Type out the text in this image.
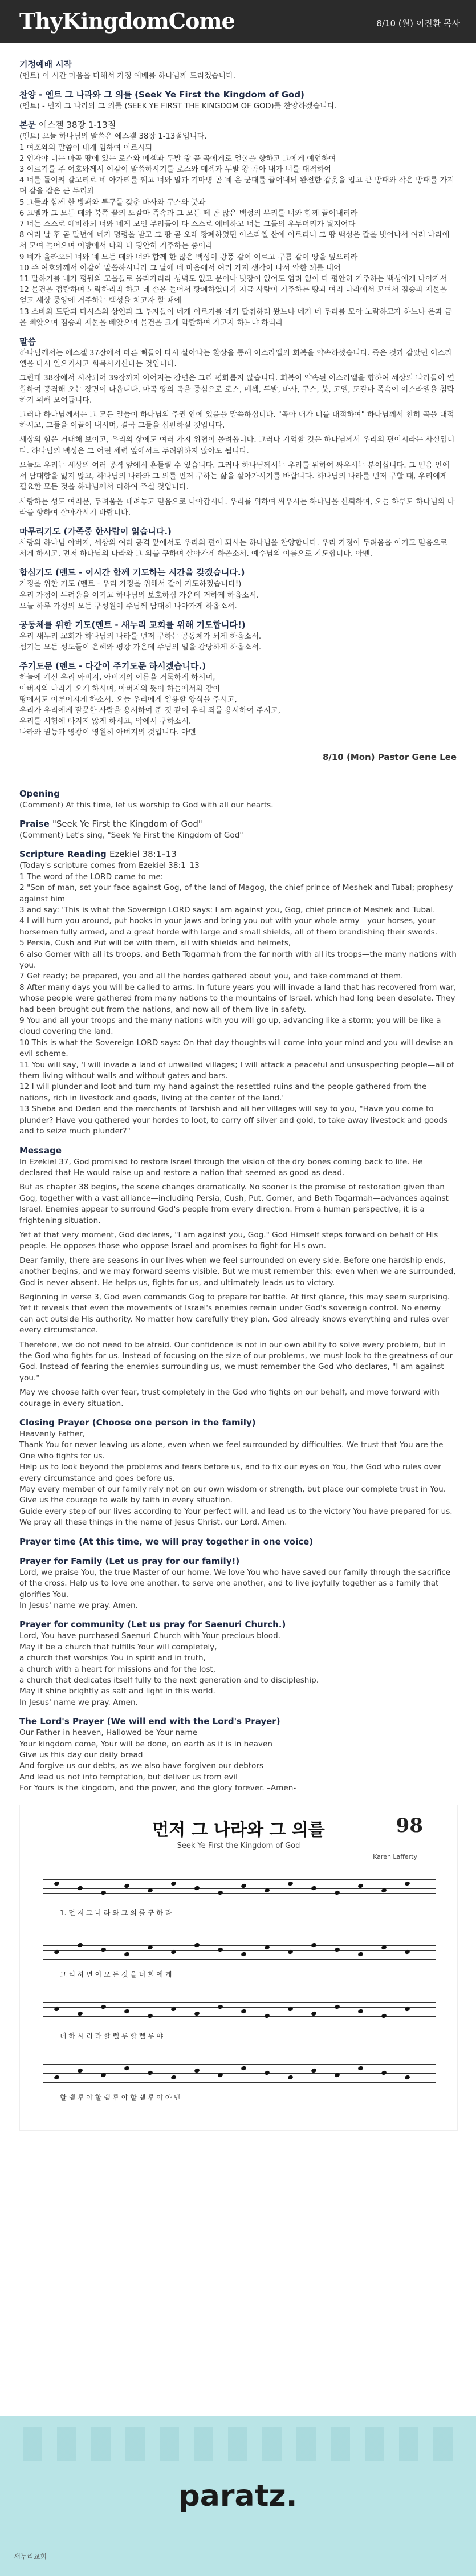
ThyKingdomCome	8/10 (월) 이진환 목사
기정예배 시작
(멘트) 이 시간 마음을 다해서 가정 예배를 하나님께 드리겠습니다.
찬양 - 엔트 그 나라와 그 의를 (Seek Ye First the Kingdom of God)
(멘트) - 먼저 그 나라와 그 의를 (SEEK YE FIRST THE KINGDOM OF GOD)를 찬양하겠습니다.
본문 에스겔 38장 1-13절
(멘트) 오늘 하나님의 말씀은 에스겔 38장 1-13절입니다.
1 여호와의 말씀이 내게 임하여 이르시되
2 인자야 너는 마곡 땅에 있는 로스와 메섹과 두발 왕 곧 곡에게로 얼굴을 향하고 그에게 예언하여
3 이르기를 주 여호와께서 이같이 말씀하시기를 로스와 메섹과 두발 왕 곡아 내가 너를 대적하여
4 너를 돌이켜 갈고리로 네 아가리를 꿰고 너와 말과 기마병 곧 네 온 군대를 끌어내되 완전한 갑옷을 입고 큰 방패와 작은 방패를 가지며 칼을 잡은 큰 무리와
5 그들과 함께 한 방패와 투구를 갖춘 바사와 구스와 붓과
6 고멜과 그 모든 떼와 북쪽 끝의 도갈마 족속과 그 모든 떼 곧 많은 백성의 무리를 너와 함께 끌어내리라
7 너는 스스로 예비하되 너와 네게 모인 무리들이 다 스스로 예비하고 너는 그들의 우두머리가 될지어다
8 여러 날 후 곧 말년에 네가 명령을 받고 그 땅 곧 오래 황폐하였던 이스라엘 산에 이르리니 그 땅 백성은 칼을 벗어나서 여러 나라에서 모여 들어오며 이방에서 나와 다 평안히 거주하는 중이라
9 네가 올라오되 너와 네 모든 떼와 너와 함께 한 많은 백성이 광풍 같이 이르고 구름 같이 땅을 덮으리라
10 주 여호와께서 이같이 말씀하시니라 그 날에 네 마음에서 여러 가지 생각이 나서 악한 꾀를 내어
11 말하기를 내가 평원의 고을들로 올라가리라 성벽도 없고 문이나 빗장이 없어도 염려 없이 다 평안히 거주하는 백성에게 나아가서
12 물건을 겁탈하며 노략하리라 하고 네 손을 들어서 황폐하였다가 지금 사람이 거주하는 땅과 여러 나라에서 모여서 짐승과 재물을 얻고 세상 중앙에 거주하는 백성을 치고자 할 때에
13 스바와 드단과 다시스의 상인과 그 부자들이 네게 이르기를 네가 탈취하러 왔느냐 네가 네 무리를 모아 노략하고자 하느냐 은과 금을 빼앗으며 짐승과 재물을 빼앗으며 물건을 크게 약탈하여 가고자 하느냐 하리라
말씀

하나님께서는 에스겔 37장에서 마른 뼈들이 다시 살아나는 환상을 통해 이스라엘의 회복을 약속하셨습니다. 죽은 것과 같았던 이스라엘을 다시 일으키시고 회복시키신다는 것입니다.

그런데 38장에서 시작되어 39장까지 이어지는 장면은 그리 평화롭지 않습니다. 회복이 약속된 이스라엘을 향하여 세상의 나라들이 연합하여 공격해 오는 장면이 나옵니다. 마곡 땅의 곡을 중심으로 로스, 메섹, 두발, 바사, 구스, 붓, 고멜, 도갈마 족속이 이스라엘을 침략하기 위해 모여듭니다.

그러나 하나님께서는 그 모든 일들이 하나님의 주권 안에 있음을 말씀하십니다. "곡아 내가 너를 대적하여" 하나님께서 친히 곡을 대적하시고, 그들을 이끌어 내시며, 결국 그들을 심판하실 것입니다.

세상의 힘은 거대해 보이고, 우리의 삶에도 여러 가지 위협이 몰려옵니다. 그러나 기억할 것은 하나님께서 우리의 편이시라는 사실입니다. 하나님의 백성은 그 어떤 세력 앞에서도 두려워하지 않아도 됩니다.

오늘도 우리는 세상의 여러 공격 앞에서 흔들릴 수 있습니다. 그러나 하나님께서는 우리를 위하여 싸우시는 분이십니다. 그 믿음 안에서 담대함을 잃지 않고, 하나님의 나라와 그 의를 먼저 구하는 삶을 살아가시기를 바랍니다. 하나님의 나라를 먼저 구할 때, 우리에게 필요한 모든 것을 하나님께서 더하여 주실 것입니다.

사랑하는 성도 여러분, 두려움을 내려놓고 믿음으로 나아갑시다. 우리를 위하여 싸우시는 하나님을 신뢰하며, 오늘 하루도 하나님의 나라를 향하여 살아가시기 바랍니다.

마무리기도 (가족중 한사람이 읽습니다.)
사랑의 하나님 아버지, 세상의 여러 공격 앞에서도 우리의 편이 되시는 하나님을 찬양합니다. 우리 가정이 두려움을 이기고 믿음으로 서게 하시고, 먼저 하나님의 나라와 그 의를 구하며 살아가게 하옵소서. 예수님의 이름으로 기도합니다. 아멘.
합심기도 (멘트 - 이시간 함께 기도하는 시간을 갖겠습니다.)
가정을 위한 기도 (멘트 - 우리 가정을 위해서 같이 기도하겠습니다!)
우리 가정이 두려움을 이기고 하나님의 보호하심 가운데 거하게 하옵소서.
오늘 하루 가정의 모든 구성원이 주님께 담대히 나아가게 하옵소서.
공동체를 위한 기도(멘트 - 새누리 교회를 위해 기도합니다!)
우리 새누리 교회가 하나님의 나라를 먼저 구하는 공동체가 되게 하옵소서.
섬기는 모든 성도들이 은혜와 평강 가운데 주님의 일을 감당하게 하옵소서.
주기도문 (멘트 - 다같이 주기도문 하시겠습니다.)
하늘에 계신 우리 아버지, 아버지의 이름을 거룩하게 하시며,
아버지의 나라가 오게 하시며, 아버지의 뜻이 하늘에서와 같이
땅에서도 이루어지게 하소서. 오늘 우리에게 일용할 양식을 주시고,
우리가 우리에게 잘못한 사람을 용서하여 준 것 같이 우리 죄를 용서하여 주시고,
우리를 시험에 빠지지 않게 하시고, 악에서 구하소서.
나라와 권능과 영광이 영원히 아버지의 것입니다. 아멘
8/10 (Mon) Pastor Gene Lee
Opening
(Comment) At this time, let us worship to God with all our hearts.
Praise "Seek Ye First the Kingdom of God"
(Comment) Let's sing, "Seek Ye First the Kingdom of God"
Scripture Reading Ezekiel 38:1–13
(Today's scripture comes from Ezekiel 38:1–13
1 The word of the LORD came to me:
2 "Son of man, set your face against Gog, of the land of Magog, the chief prince of Meshek and Tubal; prophesy against him
3 and say: 'This is what the Sovereign LORD says: I am against you, Gog, chief prince of Meshek and Tubal.
4 I will turn you around, put hooks in your jaws and bring you out with your whole army—your horses, your horsemen fully armed, and a great horde with large and small shields, all of them brandishing their swords.
5 Persia, Cush and Put will be with them, all with shields and helmets,
6 also Gomer with all its troops, and Beth Togarmah from the far north with all its troops—the many nations with you.
7 Get ready; be prepared, you and all the hordes gathered about you, and take command of them.
8 After many days you will be called to arms. In future years you will invade a land that has recovered from war, whose people were gathered from many nations to the mountains of Israel, which had long been desolate. They had been brought out from the nations, and now all of them live in safety.
9 You and all your troops and the many nations with you will go up, advancing like a storm; you will be like a cloud covering the land.
10 This is what the Sovereign LORD says: On that day thoughts will come into your mind and you will devise an evil scheme.
11 You will say, 'I will invade a land of unwalled villages; I will attack a peaceful and unsuspecting people—all of them living without walls and without gates and bars.
12 I will plunder and loot and turn my hand against the resettled ruins and the people gathered from the nations, rich in livestock and goods, living at the center of the land.'
13 Sheba and Dedan and the merchants of Tarshish and all her villages will say to you, "Have you come to plunder? Have you gathered your hordes to loot, to carry off silver and gold, to take away livestock and goods and to seize much plunder?"
Message

In Ezekiel 37, God promised to restore Israel through the vision of the dry bones coming back to life. He declared that He would raise up and restore a nation that seemed as good as dead.

But as chapter 38 begins, the scene changes dramatically. No sooner is the promise of restoration given than Gog, together with a vast alliance—including Persia, Cush, Put, Gomer, and Beth Togarmah—advances against Israel. Enemies appear to surround God's people from every direction. From a human perspective, it is a frightening situation.

Yet at that very moment, God declares, "I am against you, Gog." God Himself steps forward on behalf of His people. He opposes those who oppose Israel and promises to fight for His own.

Dear family, there are seasons in our lives when we feel surrounded on every side. Before one hardship ends, another begins, and we may forward seems visible. But we must remember this: even when we are surrounded, God is never absent. He helps us, fights for us, and ultimately leads us to victory.

Beginning in verse 3, God even commands Gog to prepare for battle. At first glance, this may seem surprising. Yet it reveals that even the movements of Israel's enemies remain under God's sovereign control. No enemy can act outside His authority. No matter how carefully they plan, God already knows everything and rules over every circumstance.

Therefore, we do not need to be afraid. Our confidence is not in our own ability to solve every problem, but in the God who fights for us. Instead of focusing on the size of our problems, we must look to the greatness of our God. Instead of fearing the enemies surrounding us, we must remember the God who declares, "I am against you."

May we choose faith over fear, trust completely in the God who fights on our behalf, and move forward with courage in every situation.

Closing Prayer (Choose one person in the family)
Heavenly Father,
Thank You for never leaving us alone, even when we feel surrounded by difficulties. We trust that You are the One who fights for us.
Help us to look beyond the problems and fears before us, and to fix our eyes on You, the God who rules over every circumstance and goes before us.
May every member of our family rely not on our own wisdom or strength, but place our complete trust in You. Give us the courage to walk by faith in every situation.
Guide every step of our lives according to Your perfect will, and lead us to the victory You have prepared for us. We pray all these things in the name of Jesus Christ, our Lord. Amen.
Prayer time (At this time, we will pray together in one voice)
Prayer for Family (Let us pray for our family!)
Lord, we praise You, the true Master of our home. We love You who have saved our family through the sacrifice of the cross. Help us to love one another, to serve one another, and to live joyfully together as a family that glorifies You.
In Jesus' name we pray. Amen.
Prayer for community (Let us pray for Saenuri Church.)
Lord, You have purchased Saenuri Church with Your precious blood.
May it be a church that fulfills Your will completely,
a church that worships You in spirit and in truth,
a church with a heart for missions and for the lost,
a church that dedicates itself fully to the next generation and to discipleship.
May it shine brightly as salt and light in this world.
In Jesus' name we pray. Amen.
The Lord's Prayer (We will end with the Lord's Prayer)
Our Father in heaven, Hallowed be Your name
Your kingdom come, Your will be done, on earth as it is in heaven
Give us this day our daily bread
And forgive us our debts, as we also have forgiven our debtors
And lead us not into temptation, but deliver us from evil
For Yours is the kingdom, and the power, and the glory forever. –Amen-
먼저 그 나라와 그 의를	98
Seek Ye First the Kingdom of God
Karen Lafferty
1. 먼 저 그 나 라 와 그 의 를 구 하 라
그 리 하 면 이 모 든 것 을 너 희 에 게
더 하 시 리 라 할 렐 루 할 렐 루 야
할 렐 루 야 할 렐 루 야 할 렐 루 야 아 멘
paratz.
새누리교회
